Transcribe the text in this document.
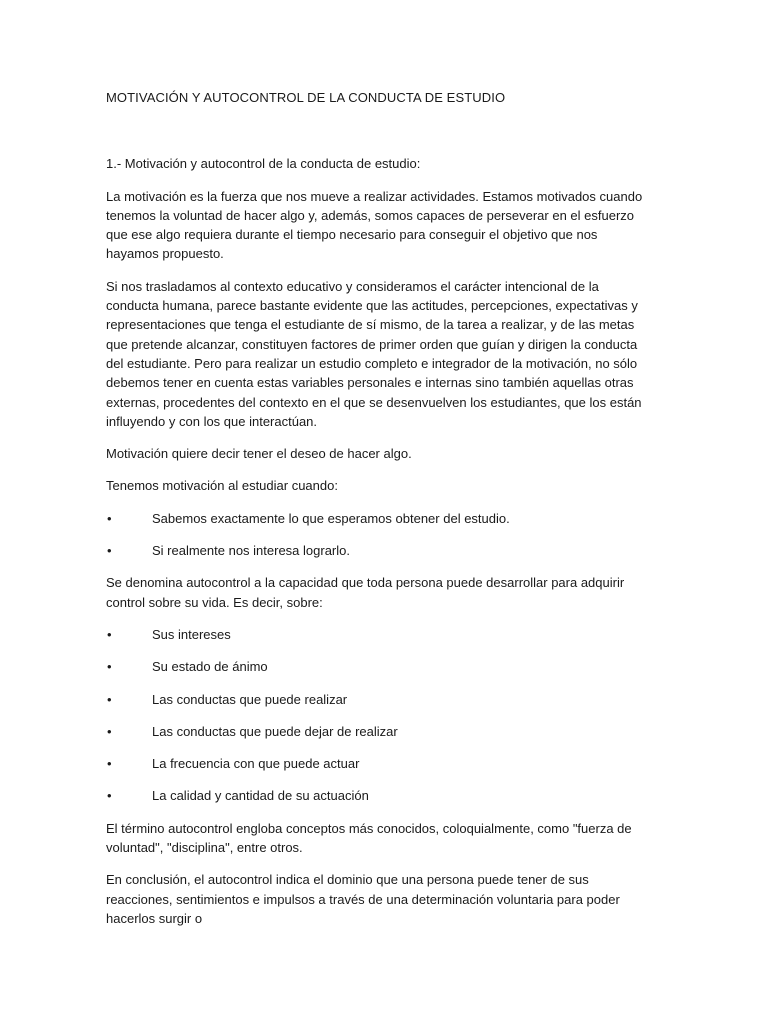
MOTIVACIÓN Y AUTOCONTROL DE LA CONDUCTA DE ESTUDIO
1.- Motivación y autocontrol de la conducta de estudio:

La motivación es la fuerza que nos mueve a realizar actividades. Estamos motivados cuando tenemos la voluntad de hacer algo y, además, somos capaces de perseverar en el esfuerzo que ese algo requiera durante el tiempo necesario para conseguir el objetivo que nos hayamos propuesto.

Si nos trasladamos al contexto educativo y consideramos el carácter intencional de la conducta humana, parece bastante evidente que las actitudes, percepciones, expectativas y representaciones que tenga el estudiante de sí mismo, de la tarea a realizar, y de las metas que pretende alcanzar, constituyen factores de primer orden que guían y dirigen la conducta del estudiante. Pero para realizar un estudio completo e integrador de la motivación, no sólo debemos tener en cuenta estas variables personales e internas sino también aquellas otras externas, procedentes del contexto en el que se desenvuelven los estudiantes, que los están influyendo y con los que interactúan.

Motivación quiere decir tener el deseo de hacer algo.

Tenemos motivación al estudiar cuando:

•	Sabemos exactamente lo que esperamos obtener del estudio.
•	Si realmente nos interesa lograrlo.

Se denomina autocontrol a la capacidad que toda persona puede desarrollar para adquirir control sobre su vida. Es decir, sobre:

•	Sus intereses
•	Su estado de ánimo
•	Las conductas que puede realizar
•	Las conductas que puede dejar de realizar
•	La frecuencia con que puede actuar
•	La calidad y cantidad de su actuación

El término autocontrol engloba conceptos más conocidos, coloquialmente, como "fuerza de voluntad", "disciplina", entre otros.

En conclusión, el autocontrol indica el dominio que una persona puede tener de sus reacciones, sentimientos e impulsos a través de una determinación voluntaria para poder hacerlos surgir o
